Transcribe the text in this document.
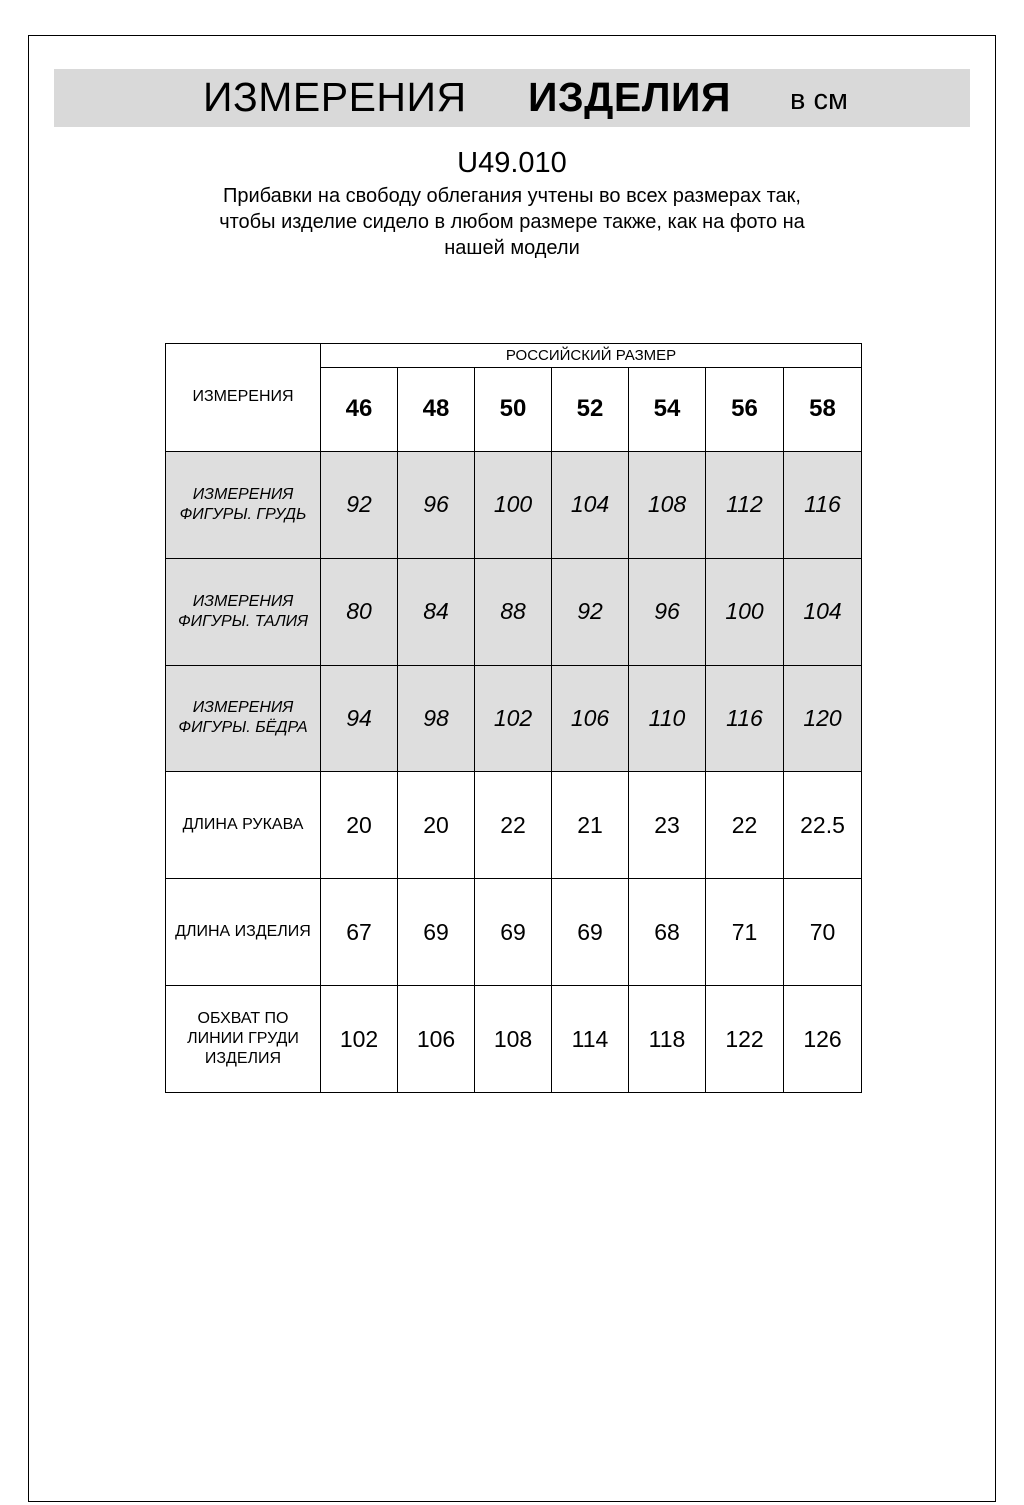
ИЗМЕРЕНИЯ ИЗДЕЛИЯ в см
U49.010
Прибавки на свободу облегания учтены во всех размерах так,
чтобы изделие сидело в любом размере также, как на фото на
нашей модели
ИЗМЕРЕНИЯ	РОССИЙСКИЙ РАЗМЕР						
	46	48	50	52	54	56	58

ИЗМЕРЕНИЯ
ФИГУРЫ. ГРУДЬ	92	96	100	104	108	112	116

ИЗМЕРЕНИЯ
ФИГУРЫ. ТАЛИЯ	80	84	88	92	96	100	104

ИЗМЕРЕНИЯ
ФИГУРЫ. БЁДРА	94	98	102	106	110	116	120

ДЛИНА РУКАВА	20	20	22	21	23	22	22.5

ДЛИНА ИЗДЕЛИЯ	67	69	69	69	68	71	70

ОБХВАТ ПО
ЛИНИИ ГРУДИ
ИЗДЕЛИЯ	102	106	108	114	118	122	126
